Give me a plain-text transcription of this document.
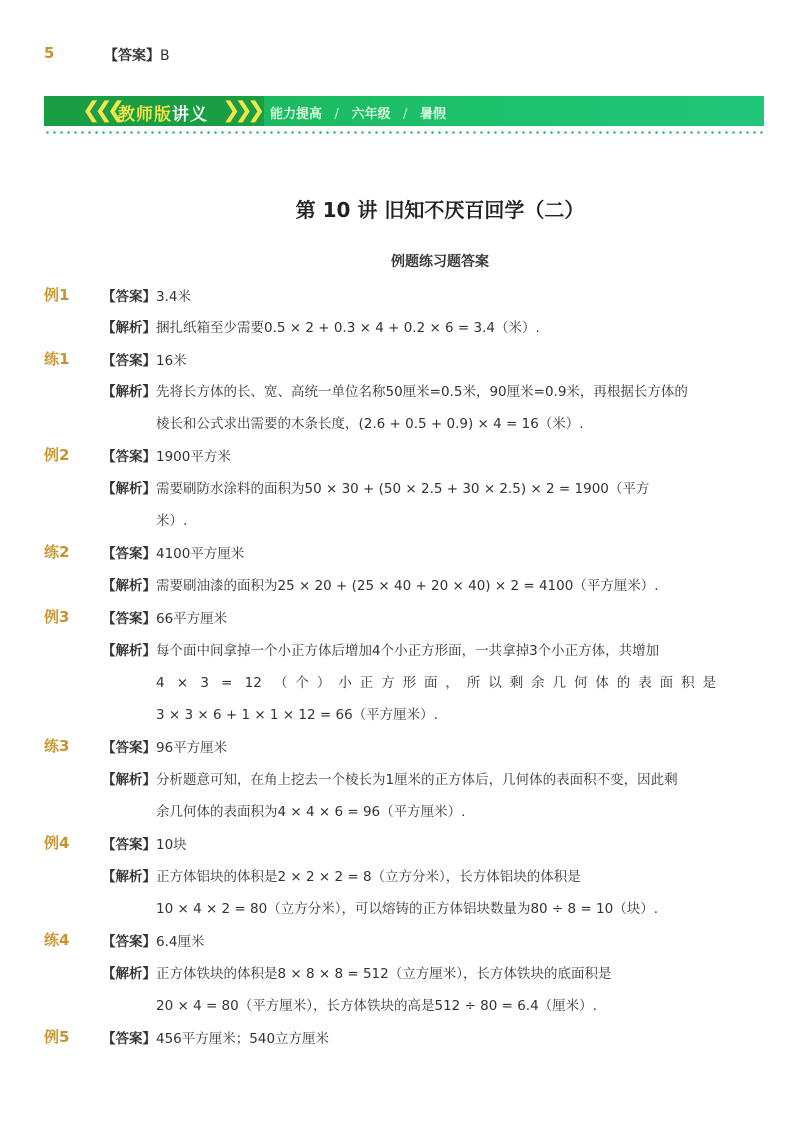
5	【答案】B
❮❮❮
教师版讲义 ❯❯❯ 能力提高 / 六年级 / 暑假
第 10 讲 旧知不厌百回学（二）
例题练习题答案
例1 【答案】 3.4米
【解析】 捆扎纸箱至少需要0.5 × 2 + 0.3 × 4 + 0.2 × 6 = 3.4（米）.
练1 【答案】 16米
【解析】 先将长方体的长、宽、高统一单位名称50厘米=0.5米，90厘米=0.9米，再根据长方体的
棱长和公式求出需要的木条长度，(2.6 + 0.5 + 0.9) × 4 = 16（米）.
例2 【答案】 1900平方米
【解析】 需要刷防水涂料的面积为50 × 30 + (50 × 2.5 + 30 × 2.5) × 2 = 1900（平方
米）.
练2 【答案】 4100平方厘米
【解析】 需要刷油漆的面积为25 × 20 + (25 × 40 + 20 × 40) × 2 = 4100（平方厘米）.
例3 【答案】 66平方厘米
【解析】 每个面中间拿掉一个小正方体后增加4个小正方形面，一共拿掉3个小正方体，共增加
4 × 3 = 12 （个）小正方形面，所以剩余几何体的表面积是
3 × 3 × 6 + 1 × 1 × 12 = 66（平方厘米）.
练3 【答案】 96平方厘米
【解析】 分析题意可知，在角上挖去一个棱长为1厘米的正方体后，几何体的表面积不变，因此剩
余几何体的表面积为4 × 4 × 6 = 96（平方厘米）.
例4 【答案】 10块
【解析】 正方体铝块的体积是2 × 2 × 2 = 8（立方分米），长方体铝块的体积是
10 × 4 × 2 = 80（立方分米），可以熔铸的正方体铝块数量为80 ÷ 8 = 10（块）.
练4 【答案】 6.4厘米
【解析】 正方体铁块的体积是8 × 8 × 8 = 512（立方厘米），长方体铁块的底面积是
20 × 4 = 80（平方厘米），长方体铁块的高是512 ÷ 80 = 6.4（厘米）.
例5 【答案】 456平方厘米；540立方厘米
